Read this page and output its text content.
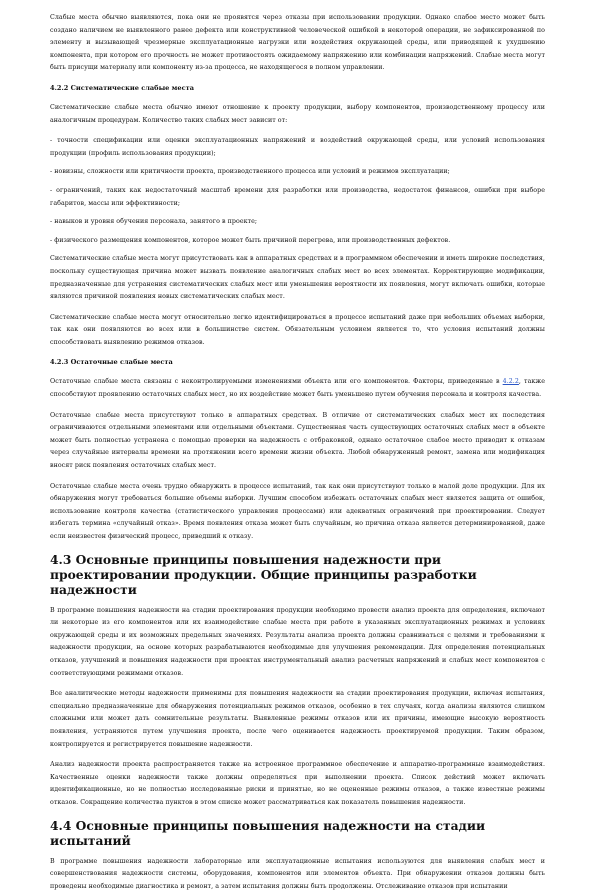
Слабые места обычно выявляются, пока они не проявятся через отказы при использовании продукции. Однако слабое место может быть создано наличием не выявленного ранее дефекта или конструктивной человеческой ошибкой в некоторой операции, не зафиксированной по элементу и вызывающей чрезмерные эксплуатационные нагрузки или воздействия окружающей среды, или приводящей к ухудшению компонента, при котором его прочность не может противостоять ожидаемому напряжению или комбинации напряжений. Слабые места могут быть присущи материалу или компоненту из-за процесса, не находящегося в полном управлении.

4.2.2 Систематические слабые места

Систематические слабые места обычно имеют отношение к проекту продукции, выбору компонентов, производственному процессу или аналогичным процедурам. Количество таких слабых мест зависит от:

- точности спецификации или оценки эксплуатационных напряжений и воздействий окружающей среды, или условий использования продукции (профиль использования продукции);

- новизны, сложности или критичности проекта, производственного процесса или условий и режимов эксплуатации;

- ограничений, таких как недостаточный масштаб времени для разработки или производства, недостаток финансов, ошибки при выборе габаритов, массы или эффективности;

- навыков и уровня обучения персонала, занятого в проекте;

- физического размещения компонентов, которое может быть причиной перегрева, или производственных дефектов.

Систематические слабые места могут присутствовать как в аппаратных средствах и в программном обеспечении и иметь широкие последствия, поскольку существующая причина может вызвать появление аналогичных слабых мест во всех элементах. Корректирующие модификации, предназначенные для устранения систематических слабых мест или уменьшения вероятности их появления, могут включать ошибки, которые являются причиной появления новых систематических слабых мест.

Систематические слабые места могут относительно легко идентифицироваться в процессе испытаний даже при небольших объемах выборки, так как они появляются во всех или в большинстве систем. Обязательным условием является то, что условия испытаний должны способствовать выявлению режимов отказов.

4.2.3 Остаточные слабые места

Остаточные слабые места связаны с неконтролируемыми изменениями объекта или его компонентов. Факторы, приведенные в 4.2.2, также способствуют проявлению остаточных слабых мест, но их воздействие может быть уменьшено путем обучения персонала и контроля качества.

Остаточные слабые места присутствуют только в аппаратных средствах. В отличие от систематических слабых мест их последствия ограничиваются отдельными элементами или отдельными объектами. Существенная часть существующих остаточных слабых мест в объекте может быть полностью устранена с помощью проверки на надежность с отбраковкой, однако остаточное слабое место приводит к отказам через случайные интервалы времени на протяжении всего времени жизни объекта. Любой обнаруженный ремонт, замена или модификация вносят риск появления остаточных слабых мест.

Остаточные слабые места очень трудно обнаружить в процессе испытаний, так как они присутствуют только в малой доле продукции. Для их обнаружения могут требоваться большие объемы выборки. Лучшим способом избежать остаточных слабых мест является защита от ошибок, использование контроля качества (статистического управления процессами) или адекватных ограничений при проектировании. Следует избегать термина «случайный отказ». Время появления отказа может быть случайным, но причина отказа является детерминированной, даже если неизвестен физический процесс, приведший к отказу.

4.3 Основные принципы повышения надежности при проектировании продукции. Общие принципы разработки надежности

В программе повышения надежности на стадии проектирования продукции необходимо провести анализ проекта для определения, включают ли некоторые из его компонентов или их взаимодействие слабые места при работе в указанных эксплуатационных режимах и условиях окружающей среды и их возможных предельных значениях. Результаты анализа проекта должны сравниваться с целями и требованиями к надежности продукции, на основе которых разрабатываются необходимые для улучшения рекомендации. Для определения потенциальных отказов, улучшений и повышения надежности при проектах инструментальный анализ расчетных напряжений и слабых мест компонентов с соответствующими режимами отказов.

Все аналитические методы надежности применимы для повышения надежности на стадии проектирования продукции, включая испытания, специально предназначенные для обнаружения потенциальных режимов отказов, особенно в тех случаях, когда анализы являются слишком сложными или может дать сомнительные результаты. Выявленные режимы отказов или их причины, имеющие высокую вероятность появления, устраняются путем улучшения проекта, после чего оценивается надежность проектируемой продукции. Таким образом, контролируется и регистрируется повышение надежности.

Анализ надежности проекта распространяется также на встроенное программное обеспечение и аппаратно-программные взаимодействия. Качественные оценки надежности также должны определяться при выполнении проекта. Список действий может включать идентификационные, но не полностью исследованные риски и принятые, но не оцененные режимы отказов, а также известные режимы отказов. Сокращение количества пунктов в этом списке может рассматриваться как показатель повышения надежности.

4.4 Основные принципы повышения надежности на стадии испытаний

В программе повышения надежности лабораторные или эксплуатационные испытания используются для выявления слабых мест и совершенствования надежности системы, оборудования, компонентов или элементов объекта. При обнаружении отказов должны быть проведены необходимые диагностика и ремонт, а затем испытания должны быть продолжены. Отслеживание отказов при испытании
